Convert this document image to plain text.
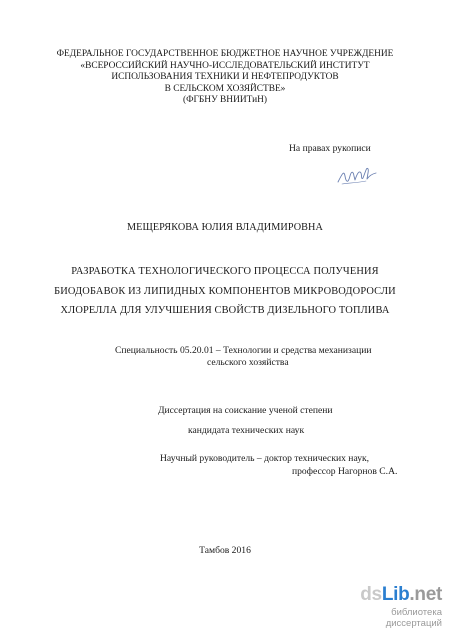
ФЕДЕРАЛЬНОЕ ГОСУДАРСТВЕННОЕ БЮДЖЕТНОЕ НАУЧНОЕ УЧРЕЖДЕНИЕ
«ВСЕРОССИЙСКИЙ НАУЧНО-ИССЛЕДОВАТЕЛЬСКИЙ ИНСТИТУТ
ИСПОЛЬЗОВАНИЯ ТЕХНИКИ И НЕФТЕПРОДУКТОВ
В СЕЛЬСКОМ ХОЗЯЙСТВЕ»
(ФГБНУ ВНИИТиН)
На правах рукописи
МЕЩЕРЯКОВА ЮЛИЯ ВЛАДИМИРОВНА
РАЗРАБОТКА ТЕХНОЛОГИЧЕСКОГО ПРОЦЕССА ПОЛУЧЕНИЯ
БИОДОБАВОК ИЗ ЛИПИДНЫХ КОМПОНЕНТОВ МИКРОВОДОРОСЛИ
ХЛОРЕЛЛА ДЛЯ УЛУЧШЕНИЯ СВОЙСТВ ДИЗЕЛЬНОГО ТОПЛИВА
Специальность 05.20.01 – Технологии и средства механизации
сельского хозяйства
Диссертация на соискание ученой степени
кандидата технических наук
Научный руководитель – доктор технических наук,
профессор Нагорнов С.А.
Тамбов 2016
dsLib.net
библиотека диссертаций
